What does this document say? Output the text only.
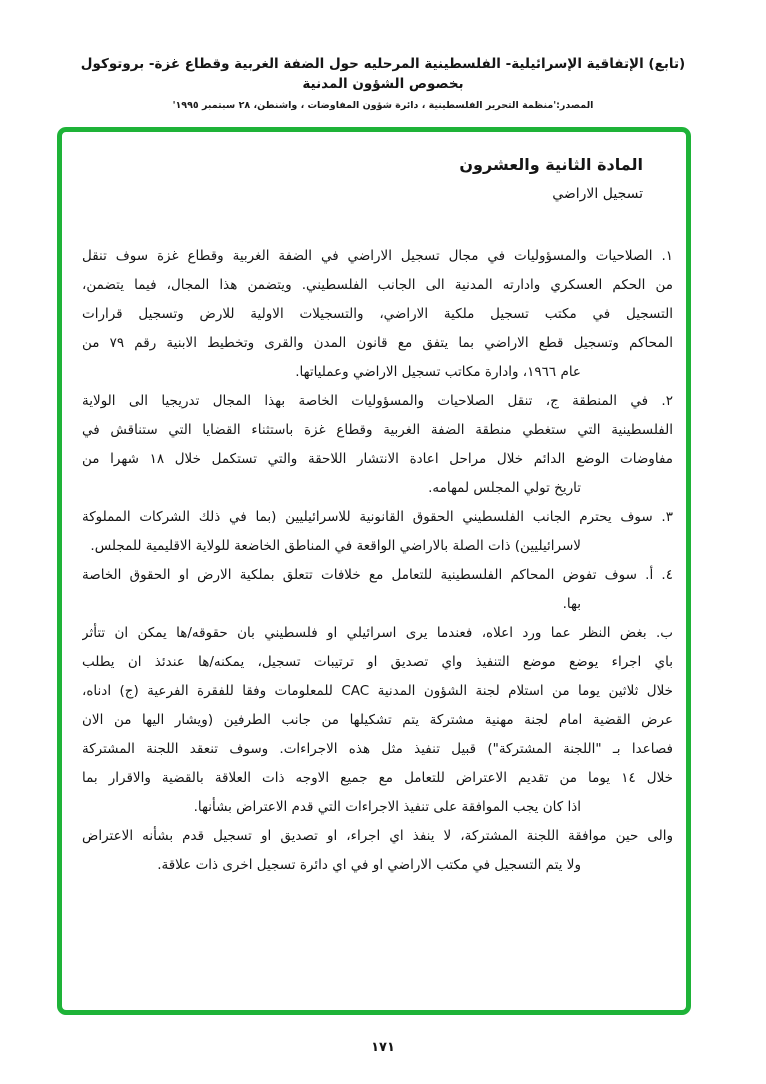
(تابع) الإتفاقية الإسرائيلية- الفلسطينية المرحليه حول الضفة الغربية وقطاع غزة- بروتوكول بخصوص الشؤون المدنية
المصدر:'منظمة التحرير الفلسطينية ، دائرة شؤون المفاوضات ، واشنطن، ٢٨ سبتمبر ١٩٩٥'
المادة الثانية والعشرون
تسجيل الاراضي
١. الصلاحيات والمسؤوليات في مجال تسجيل الاراضي في الضفة الغربية وقطاع غزة سوف تنقل
من الحكم العسكري وادارته المدنية الى الجانب الفلسطيني. ويتضمن هذا المجال، فيما يتضمن،
التسجيل في مكتب تسجيل ملكية الاراضي، والتسجيلات الاولية للارض وتسجيل قرارات
المحاكم وتسجيل قطع الاراضي بما يتفق مع قانون المدن والقرى وتخطيط الابنية رقم ٧٩ من
عام ١٩٦٦، وادارة مكاتب تسجيل الاراضي وعملياتها.
٢. في المنطقة ج، تنقل الصلاحيات والمسؤوليات الخاصة بهذا المجال تدريجيا الى الولاية
الفلسطينية التي ستغطي منطقة الضفة الغربية وقطاع غزة باستثناء القضايا التي ستناقش في
مفاوضات الوضع الدائم خلال مراحل اعادة الانتشار اللاحقة والتي تستكمل خلال ١٨ شهرا من
تاريخ تولي المجلس لمهامه.
٣. سوف يحترم الجانب الفلسطيني الحقوق القانونية للاسرائيليين (بما في ذلك الشركات المملوكة
لاسرائيليين) ذات الصلة بالاراضي الواقعة في المناطق الخاضعة للولاية الاقليمية للمجلس.
٤. أ. سوف تفوض المحاكم الفلسطينية للتعامل مع خلافات تتعلق بملكية الارض او الحقوق الخاصة
بها.
ب. بغض النظر عما ورد اعلاه، فعندما يرى اسرائيلي او فلسطيني بان حقوقه/ها يمكن ان تتأثر
باي اجراء يوضع موضع التنفيذ واي تصديق او ترتيبات تسجيل، يمكنه/ها عندئذ ان يطلب
خلال ثلاثين يوما من استلام لجنة الشؤون المدنية CAC للمعلومات وفقا للفقرة الفرعية (ج) ادناه،
عرض القضية امام لجنة مهنية مشتركة يتم تشكيلها من جانب الطرفين (ويشار اليها من الان
فصاعدا بـ "اللجنة المشتركة") قبيل تنفيذ مثل هذه الاجراءات. وسوف تنعقد اللجنة المشتركة
خلال ١٤ يوما من تقديم الاعتراض للتعامل مع جميع الاوجه ذات العلاقة بالقضية والاقرار بما
اذا كان يجب الموافقة على تنفيذ الاجراءات التي قدم الاعتراض بشأنها.
والى حين موافقة اللجنة المشتركة، لا ينفذ اي اجراء، او تصديق او تسجيل قدم بشأنه الاعتراض
ولا يتم التسجيل في مكتب الاراضي او في اي دائرة تسجيل اخرى ذات علاقة.
١٧١
